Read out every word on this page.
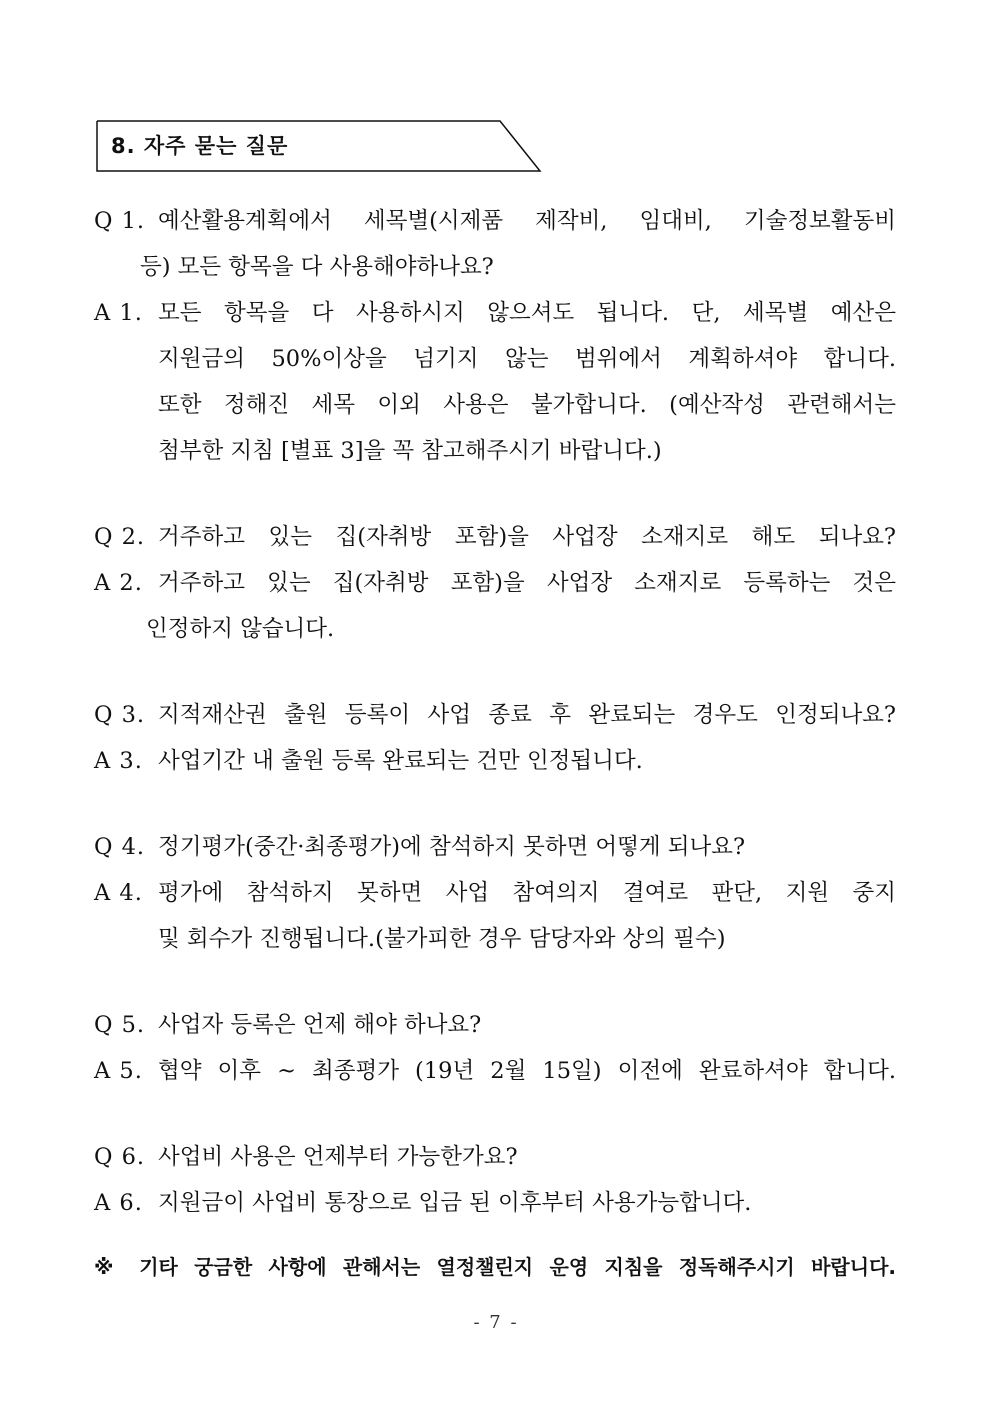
8. 자주 묻는 질문
Q 1. 예산활용계획에서 세목별(시제품 제작비, 임대비, 기술정보활동비
등) 모든 항목을 다 사용해야하나요?
A 1. 모든 항목을 다 사용하시지 않으셔도 됩니다. 단, 세목별 예산은
지원금의 50%이상을 넘기지 않는 범위에서 계획하셔야 합니다.
또한 정해진 세목 이외 사용은 불가합니다. (예산작성 관련해서는
첨부한 지침 [별표 3]을 꼭 참고해주시기 바랍니다.)
Q 2. 거주하고 있는 집(자취방 포함)을 사업장 소재지로 해도 되나요?
A 2. 거주하고 있는 집(자취방 포함)을 사업장 소재지로 등록하는 것은
인정하지 않습니다.
Q 3. 지적재산권 출원 등록이 사업 종료 후 완료되는 경우도 인정되나요?
A 3. 사업기간 내 출원 등록 완료되는 건만 인정됩니다.
Q 4. 정기평가(중간·최종평가)에 참석하지 못하면 어떻게 되나요?
A 4. 평가에 참석하지 못하면 사업 참여의지 결여로 판단, 지원 중지
및 회수가 진행됩니다.(불가피한 경우 담당자와 상의 필수)
Q 5. 사업자 등록은 언제 해야 하나요?
A 5. 협약 이후 ~ 최종평가 (19년 2월 15일) 이전에 완료하셔야 합니다.
Q 6. 사업비 사용은 언제부터 가능한가요?
A 6. 지원금이 사업비 통장으로 입금 된 이후부터 사용가능합니다.
※ 기타 궁금한 사항에 관해서는 열정챌린지 운영 지침을 정독해주시기 바랍니다.
- 7 -
